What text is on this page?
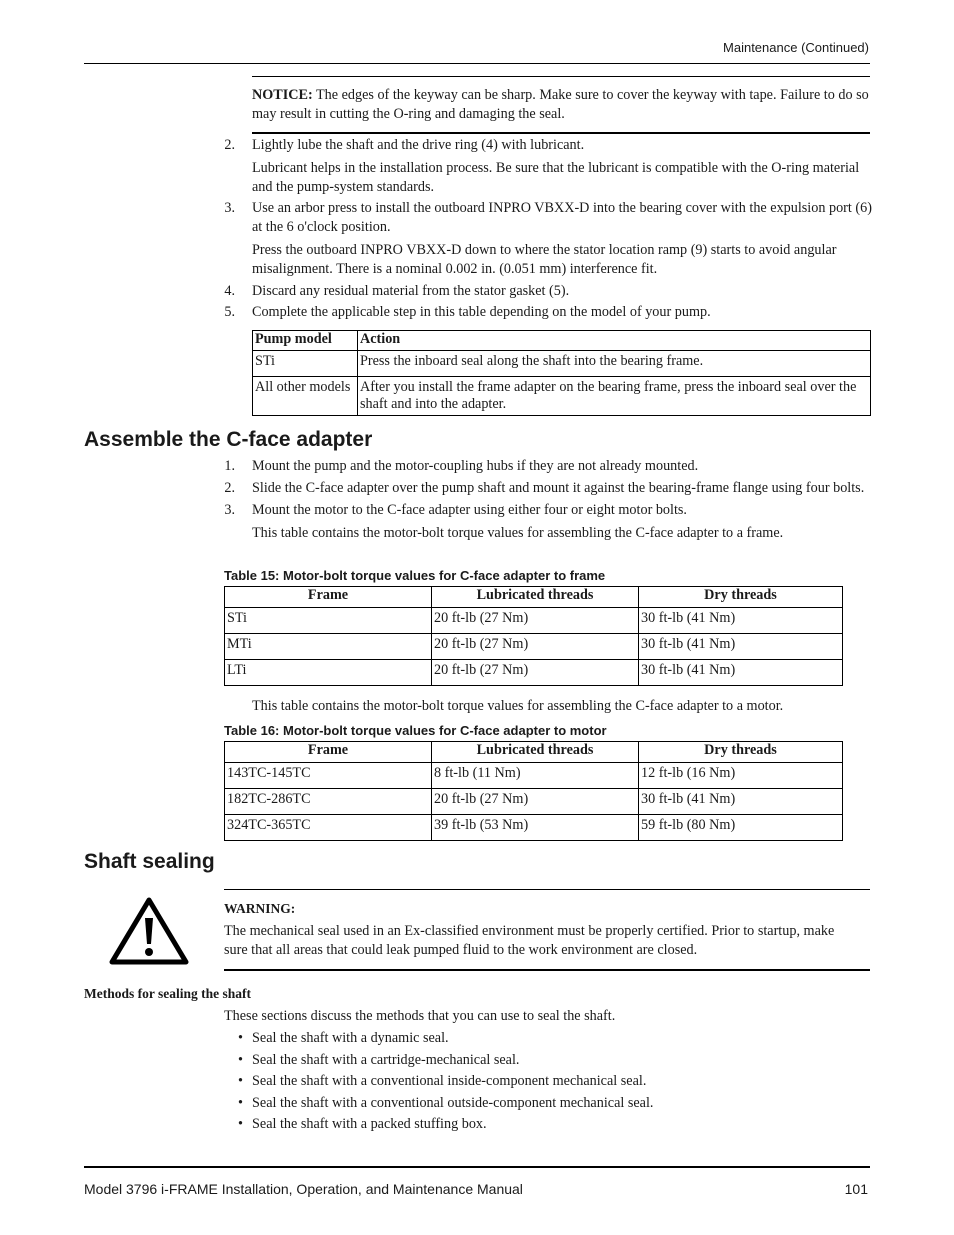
Maintenance (Continued)

NOTICE: The edges of the keyway can be sharp. Make sure to cover the keyway with tape. Failure to do so may result in cutting the O-ring and damaging the seal.

2. Lightly lube the shaft and the drive ring (4) with lubricant.

Lubricant helps in the installation process. Be sure that the lubricant is compatible with the O-ring material and the pump-system standards.

3. Use an arbor press to install the outboard INPRO VBXX-D into the bearing cover with the expulsion port (6) at the 6 o'clock position.

Press the outboard INPRO VBXX-D down to where the stator location ramp (9) starts to avoid angular misalignment. There is a nominal 0.002 in. (0.051 mm) interference fit.

4. Discard any residual material from the stator gasket (5).

5. Complete the applicable step in this table depending on the model of your pump.

Pump model	Action
STi	Press the inboard seal along the shaft into the bearing frame.
All other models	After you install the frame adapter on the bearing frame, press the inboard seal over the shaft and into the adapter.
Assemble the C-face adapter
1. Mount the pump and the motor-coupling hubs if they are not already mounted.

2. Slide the C-face adapter over the pump shaft and mount it against the bearing-frame flange using four bolts.

3. Mount the motor to the C-face adapter using either four or eight motor bolts.

This table contains the motor-bolt torque values for assembling the C-face adapter to a frame.

Table 15: Motor-bolt torque values for C-face adapter to frame
Frame	Lubricated threads	Dry threads
STi	20 ft-lb (27 Nm)	30 ft-lb (41 Nm)
MTi	20 ft-lb (27 Nm)	30 ft-lb (41 Nm)
LTi	20 ft-lb (27 Nm)	30 ft-lb (41 Nm)

This table contains the motor-bolt torque values for assembling the C-face adapter to a motor.

Table 16: Motor-bolt torque values for C-face adapter to motor
Frame	Lubricated threads	Dry threads
143TC-145TC	8 ft-lb (11 Nm)	12 ft-lb (16 Nm)
182TC-286TC	20 ft-lb (27 Nm)	30 ft-lb (41 Nm)
324TC-365TC	39 ft-lb (53 Nm)	59 ft-lb (80 Nm)
Shaft sealing

WARNING:

The mechanical seal used in an Ex-classified environment must be properly certified. Prior to startup, make sure that all areas that could leak pumped fluid to the work environment are closed.

Methods for sealing the shaft

These sections discuss the methods that you can use to seal the shaft.

• Seal the shaft with a dynamic seal.
• Seal the shaft with a cartridge-mechanical seal.
• Seal the shaft with a conventional inside-component mechanical seal.
• Seal the shaft with a conventional outside-component mechanical seal.
• Seal the shaft with a packed stuffing box.
Model 3796 i-FRAME Installation, Operation, and Maintenance Manual	101
